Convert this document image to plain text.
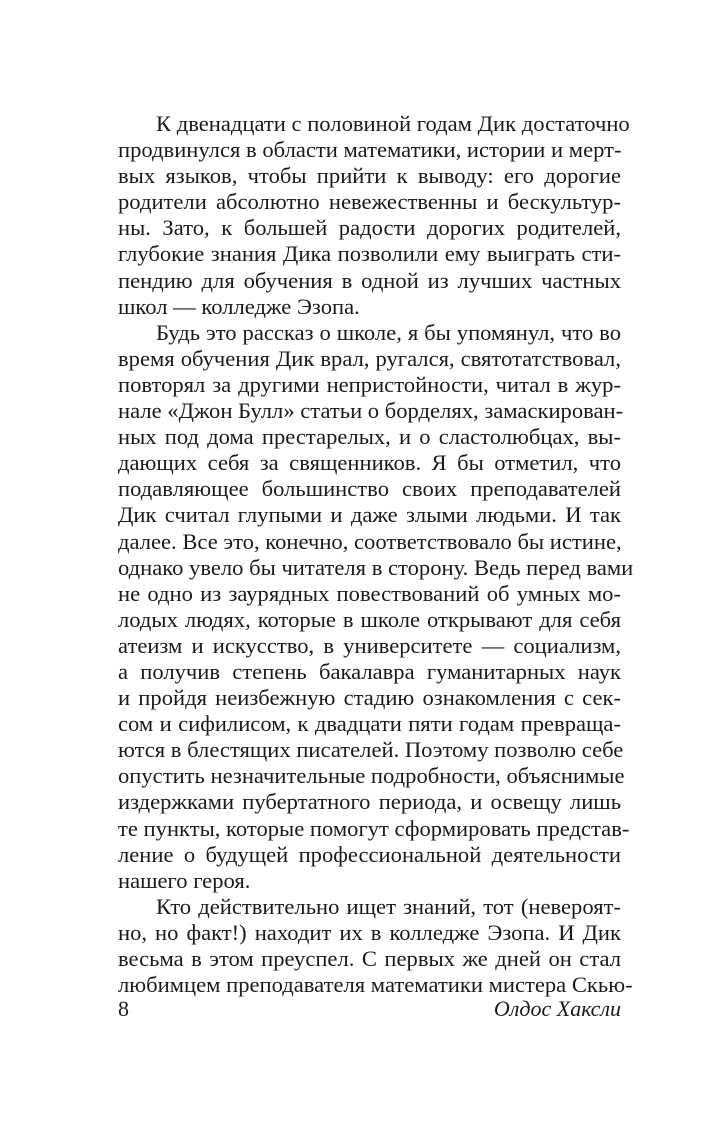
К двенадцати с половиной годам Дик достаточно
продвинулся в области математики, истории и мерт-
вых языков, чтобы прийти к выводу: его дорогие
родители абсолютно невежественны и бескультур-
ны. Зато, к большей радости дорогих родителей,
глубокие знания Дика позволили ему выиграть сти-
пендию для обучения в одной из лучших частных
школ — колледже Эзопа.
Будь это рассказ о школе, я бы упомянул, что во
время обучения Дик врал, ругался, святотатствовал,
повторял за другими непристойности, читал в жур-
нале «Джон Булл» статьи о борделях, замаскирован-
ных под дома престарелых, и о сластолюбцах, вы-
дающих себя за священников. Я бы отметил, что
подавляющее большинство своих преподавателей
Дик считал глупыми и даже злыми людьми. И так
далее. Все это, конечно, соответствовало бы истине,
однако увело бы читателя в сторону. Ведь перед вами
не одно из заурядных повествований об умных мо-
лодых людях, которые в школе открывают для себя
атеизм и искусство, в университете — социализм,
а получив степень бакалавра гуманитарных наук
и пройдя неизбежную стадию ознакомления с сек-
сом и сифилисом, к двадцати пяти годам превраща-
ются в блестящих писателей. Поэтому позволю себе
опустить незначительные подробности, объяснимые
издержками пубертатного периода, и освещу лишь
те пункты, которые помогут сформировать представ-
ление о будущей профессиональной деятельности
нашего героя.
Кто действительно ищет знаний, тот (невероят-
но, но факт!) находит их в колледже Эзопа. И Дик
весьма в этом преуспел. С первых же дней он стал
любимцем преподавателя математики мистера Скью-
8	Олдос Хаксли
